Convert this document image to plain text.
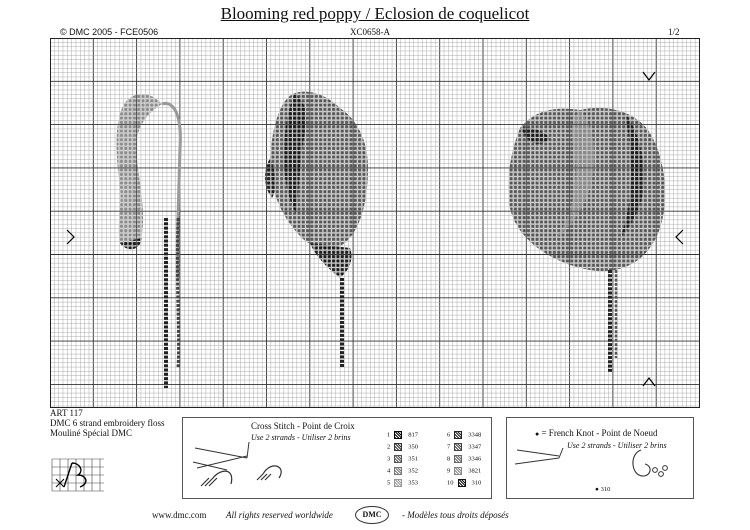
Blooming red poppy / Eclosion de coquelicot
© DMC 2005 - FCE0506	XC0658-A	1/2
ART 117
DMC 6 strand embroidery floss
Mouliné Spécial DMC
Cross Stitch - Point de Croix
Use 2 strands - Utiliser 2 brins	1	817
2	350
3	351
4	352
5	353
6	3348
7	3347
8	3346
9	3821
10	310
● = French Knot - Point de Noeud
Use 2 strands - Utiliser 2 brins
● 310
www.dmc.com All rights reserved worldwide	DMC	- Modèles tous droits déposés
